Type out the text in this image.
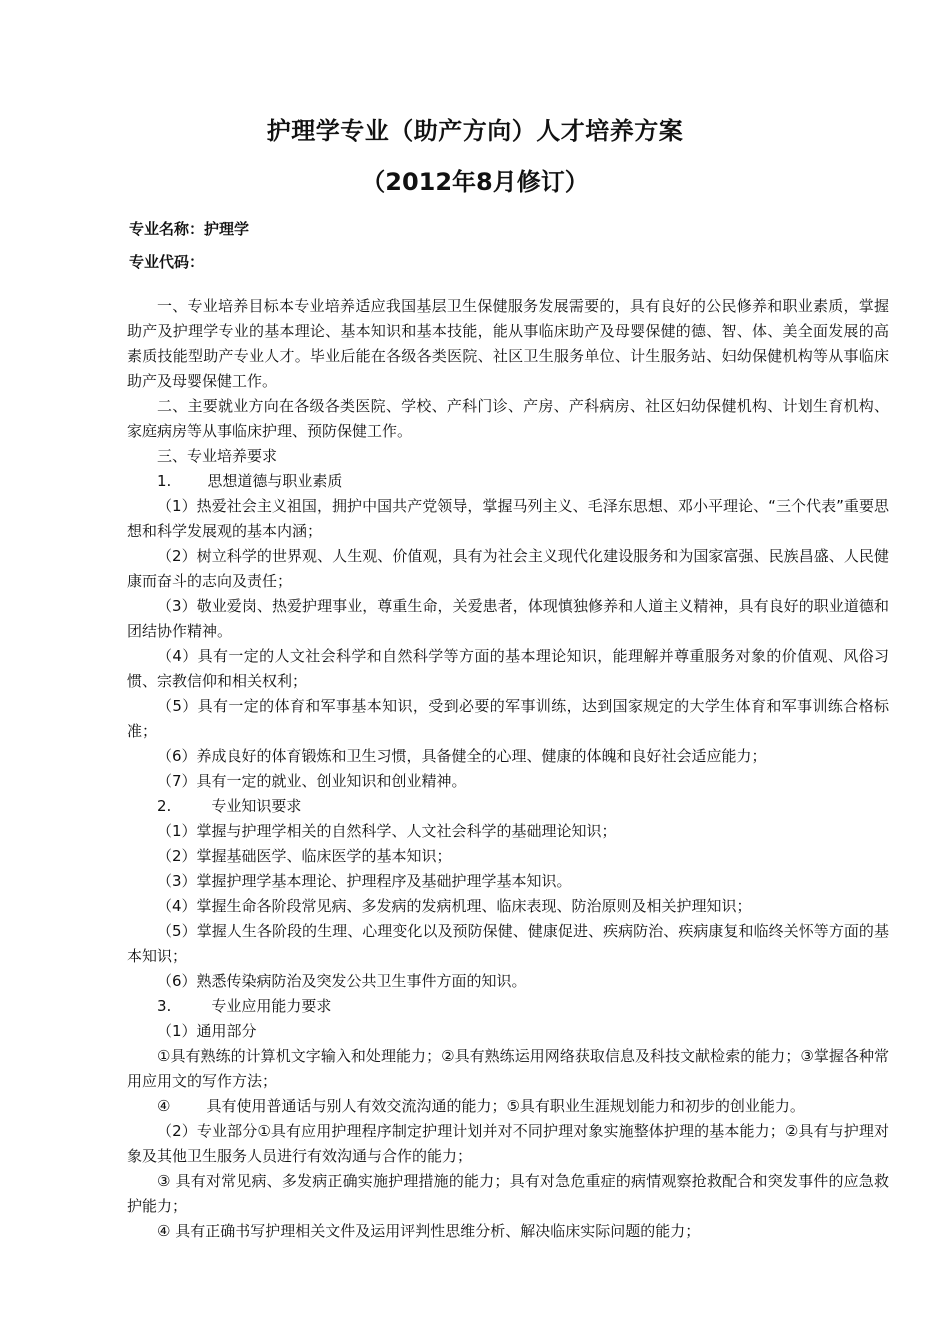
护理学专业（助产方向）人才培养方案
（2012年8月修订）
专业名称：护理学
专业代码：

一、专业培养目标本专业培养适应我国基层卫生保健服务发展需要的，具有良好的公民修养和职业素质，掌握助产及护理学专业的基本理论、基本知识和基本技能，能从事临床助产及母婴保健的德、智、体、美全面发展的高素质技能型助产专业人才。毕业后能在各级各类医院、社区卫生服务单位、计生服务站、妇幼保健机构等从事临床助产及母婴保健工作。

二、主要就业方向在各级各类医院、学校、产科门诊、产房、产科病房、社区妇幼保健机构、计划生育机构、家庭病房等从事临床护理、预防保健工作。

三、专业培养要求

1. 思想道德与职业素质

（1）热爱社会主义祖国，拥护中国共产党领导，掌握马列主义、毛泽东思想、邓小平理论、“三个代表”重要思想和科学发展观的基本内涵；

（2）树立科学的世界观、人生观、价值观，具有为社会主义现代化建设服务和为国家富强、民族昌盛、人民健康而奋斗的志向及责任；

（3）敬业爱岗、热爱护理事业，尊重生命，关爱患者，体现慎独修养和人道主义精神，具有良好的职业道德和团结协作精神。

（4）具有一定的人文社会科学和自然科学等方面的基本理论知识，能理解并尊重服务对象的价值观、风俗习惯、宗教信仰和相关权利；

（5）具有一定的体育和军事基本知识，受到必要的军事训练，达到国家规定的大学生体育和军事训练合格标准；

（6）养成良好的体育锻炼和卫生习惯，具备健全的心理、健康的体魄和良好社会适应能力；

（7）具有一定的就业、创业知识和创业精神。

2.	专业知识要求

（1）掌握与护理学相关的自然科学、人文社会科学的基础理论知识；

（2）掌握基础医学、临床医学的基本知识；

（3）掌握护理学基本理论、护理程序及基础护理学基本知识。

（4）掌握生命各阶段常见病、多发病的发病机理、临床表现、防治原则及相关护理知识；

（5）掌握人生各阶段的生理、心理变化以及预防保健、健康促进、疾病防治、疾病康复和临终关怀等方面的基本知识；

（6）熟悉传染病防治及突发公共卫生事件方面的知识。

3.	专业应用能力要求

（1）通用部分

①具有熟练的计算机文字输入和处理能力；②具有熟练运用网络获取信息及科技文献检索的能力；③掌握各种常用应用文的写作方法；

④ 具有使用普通话与别人有效交流沟通的能力；⑤具有职业生涯规划能力和初步的创业能力。

（2）专业部分①具有应用护理程序制定护理计划并对不同护理对象实施整体护理的基本能力；②具有与护理对象及其他卫生服务人员进行有效沟通与合作的能力；

③ 具有对常见病、多发病正确实施护理措施的能力；具有对急危重症的病情观察抢救配合和突发事件的应急救护能力；

④ 具有正确书写护理相关文件及运用评判性思维分析、解决临床实际问题的能力；
